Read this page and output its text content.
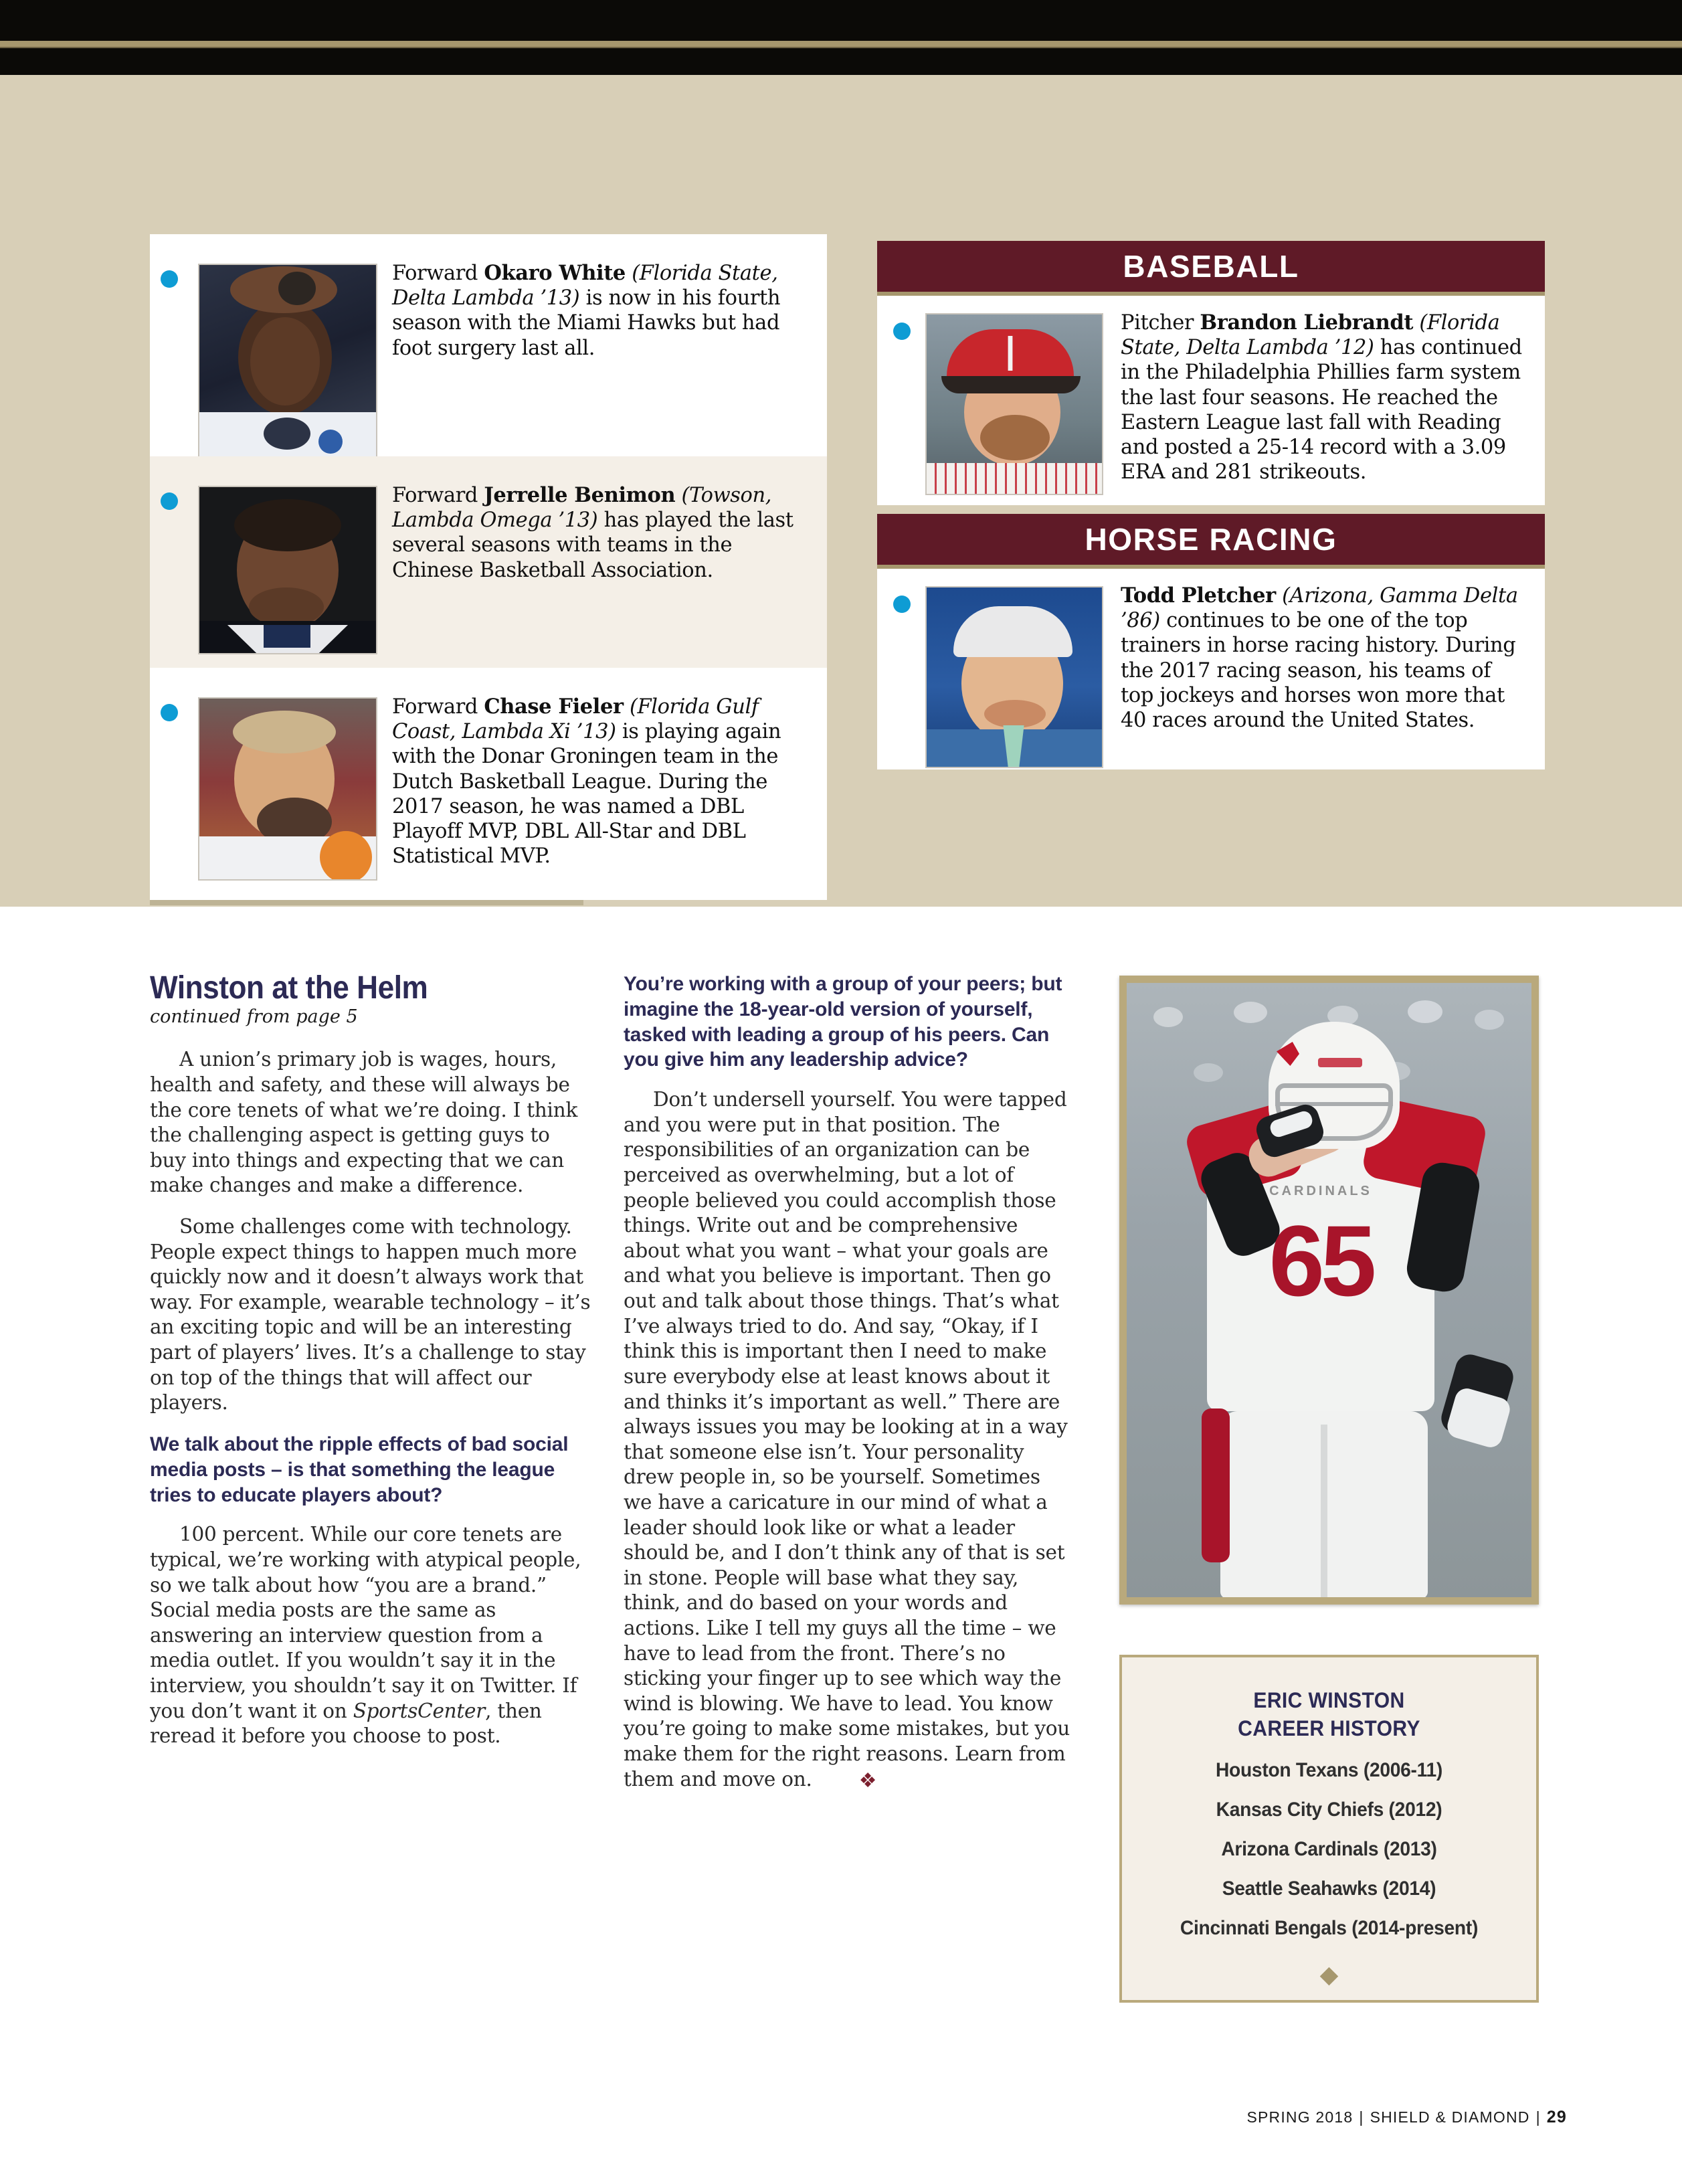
Forward Okaro White (Florida State, Delta Lambda ’13) is now in his fourth season with the Miami Hawks but had foot surgery last all.
Forward Jerrelle Benimon (Towson, Lambda Omega ’13) has played the last several seasons with teams in the Chinese Basketball Association.
Forward Chase Fieler (Florida Gulf Coast, Lambda Xi ’13) is playing again with the Donar Groningen team in the Dutch Basketball League. During the 2017 season, he was named a DBL Playoff MVP, DBL All-Star and DBL Statistical MVP.
BASEBALL
Pitcher Brandon Liebrandt (Florida State, Delta Lambda ’12) has continued in the Philadelphia Phillies farm system the last four seasons. He reached the Eastern League last fall with Reading and posted a 25-14 record with a 3.09 ERA and 281 strikeouts.
HORSE RACING
Todd Pletcher (Arizona, Gamma Delta ’86) continues to be one of the top trainers in horse racing history. During the 2017 racing season, his teams of top jockeys and horses won more that 40 races around the United States.
Winston at the Helm
continued from page 5

A union’s primary job is wages, hours, health and safety, and these will always be the core tenets of what we’re doing. I think the challenging aspect is getting guys to buy into things and expecting that we can make changes and make a difference.

Some challenges come with technology. People expect things to happen much more quickly now and it doesn’t always work that way. For example, wearable technology – it’s an exciting topic and will be an interesting part of players’ lives. It’s a challenge to stay on top of the things that will affect our players.

We talk about the ripple effects of bad social media posts – is that something the league tries to educate players about?

100 percent. While our core tenets are typical, we’re working with atypical people, so we talk about how “you are a brand.” Social media posts are the same as answering an interview question from a media outlet. If you wouldn’t say it in the interview, you shouldn’t say it on Twitter. If you don’t want it on SportsCenter, then reread it before you choose to post.

You’re working with a group of your peers; but imagine the 18-year-old version of yourself, tasked with leading a group of his peers. Can you give him any leadership advice?

Don’t undersell yourself. You were tapped and you were put in that position. The responsibilities of an organization can be perceived as overwhelming, but a lot of people believed you could accomplish those things. Write out and be comprehensive about what you want – what your goals are and what you believe is important. Then go out and talk about those things. That’s what I’ve always tried to do. And say, “Okay, if I think this is important then I need to make sure everybody else at least knows about it and thinks it’s important as well.” There are always issues you may be looking at in a way that someone else isn’t. Your personality drew people in, so be yourself. Sometimes we have a caricature in our mind of what a leader should look like or what a leader should be, and I don’t think any of that is set in stone. People will base what they say, think, and do based on your words and actions. Like I tell my guys all the time – we have to lead from the front. There’s no sticking your finger up to see which way the wind is blowing. We have to lead. You know you’re going to make some mistakes, but you make them for the right reasons. Learn from them and move on. ❖

65
CARDINALS
ERIC WINSTON
CAREER HISTORY
Houston Texans (2006-11)
Kansas City Chiefs (2012)
Arizona Cardinals (2013)
Seattle Seahawks (2014)
Cincinnati Bengals (2014-present)
◆
SPRING 2018 | SHIELD & DIAMOND | 29
